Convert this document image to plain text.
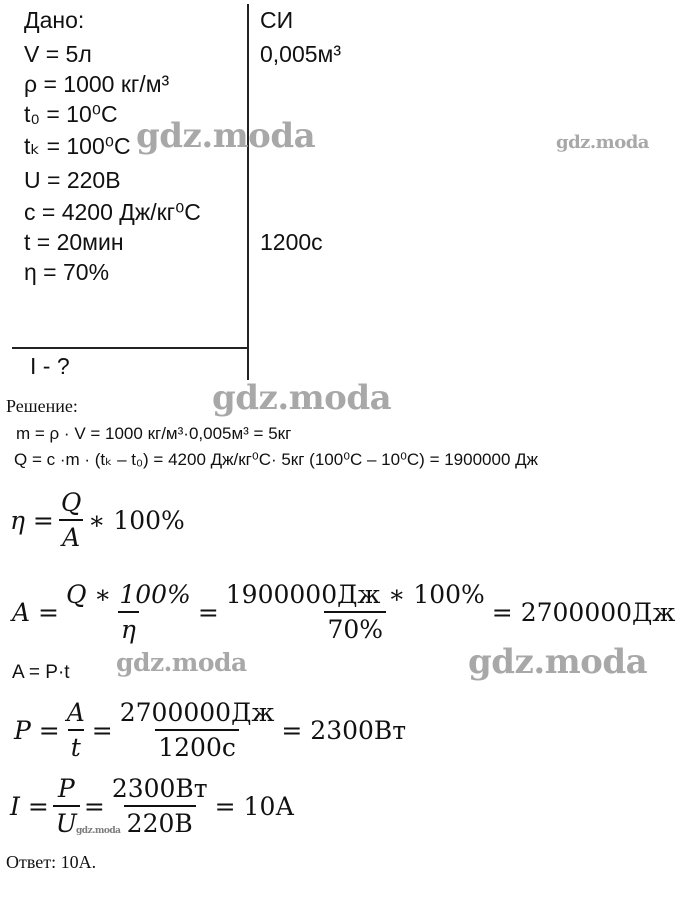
Дано:
V = 5л
ρ = 1000 кг/м³
t₀ = 10⁰С
tₖ = 100⁰С
U = 220В
c = 4200 Дж/кг⁰С
t = 20мин
η = 70%
I - ?
СИ
0,005м³
1200с
Решение:
m = ρ · V = 1000 кг/м³·0,005м³ = 5кг
Q = c ·m · (tₖ – t₀) = 4200 Дж/кг⁰С· 5кг (100⁰С – 10⁰С) = 1900000 Дж
$\eta = \frac{Q}{A}$ ∗ 100%
$A = \frac{Q ∗ 100\%}{\eta} = \frac{1900000Дж ∗ 100\%}{70\%} = 2700000Дж$
A = P·t
$P = \frac{A}{t} = \frac{2700000Дж}{1200с} = 2300Вт$
$I = \frac{P}{U} = \frac{2300Вт}{220В} = 10А$
Ответ: 10А.
gdz.moda	gdz.moda
gdz.moda
gdz.moda	gdz.moda
gdz.moda
